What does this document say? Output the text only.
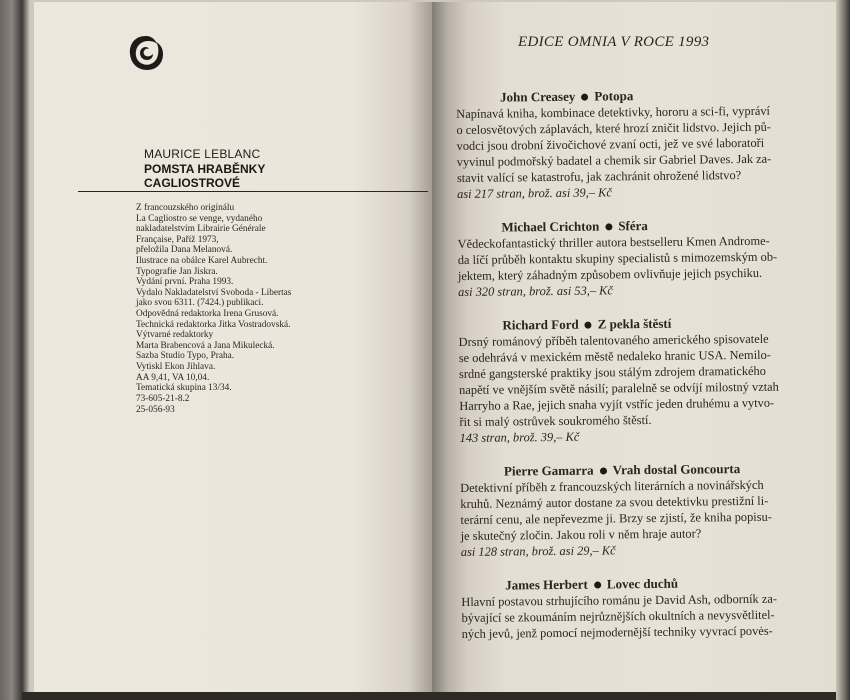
MAURICE LEBLANC
POMSTA HRABĚNKY
CAGLIOSTROVÉ
Z francouzského originálu
La Cagliostro se venge, vydaného
nakladatelstvím Librairie Générale
Française, Paříž 1973,
přeložila Dana Melanová.
Ilustrace na obálce Karel Aubrecht.
Typografie Jan Jiskra.
Vydání první. Praha 1993.
Vydalo Nakladatelství Svoboda - Libertas
jako svou 6311. (7424.) publikaci.
Odpovědná redaktorka Irena Grusová.
Technická redaktorka Jitka Vostradovská.
Výtvarné redaktorky
Marta Brabencová a Jana Mikulecká.
Sazba Studio Typo, Praha.
Vytiskl Ekon Jihlava.
AA 9,41, VA 10,04.
Tematická skupina 13/34.
73-605-21-8.2
25-056-93
EDICE OMNIA V ROCE 1993
John Creasey Potopa
Napínavá kniha, kombinace detektivky, hororu a sci-fi, vypráví
o celosvětových záplavách, které hrozí zničit lidstvo. Jejich pů-
vodci jsou drobní živočichové zvaní octi, jež ve své laboratoři
vyvinul podmořský badatel a chemik sir Gabriel Daves. Jak za-
stavit valící se katastrofu, jak zachránit ohrožené lidstvo?
asi 217 stran, brož. asi 39,– Kč
Michael Crichton Sféra
Vědeckofantastický thriller autora bestselleru Kmen Androme-
da líčí průběh kontaktu skupiny specialistů s mimozemským ob-
jektem, který záhadným způsobem ovlivňuje jejich psychiku.
asi 320 stran, brož. asi 53,– Kč
Richard Ford Z pekla štěstí
Drsný románový příběh talentovaného amerického spisovatele
se odehrává v mexickém městě nedaleko hranic USA. Nemilo-
srdné gangsterské praktiky jsou stálým zdrojem dramatického
napětí ve vnějším světě násilí; paralelně se odvíjí milostný vztah
Harryho a Rae, jejich snaha vyjít vstříc jeden druhému a vytvo-
řit si malý ostrůvek soukromého štěstí.
143 stran, brož. 39,– Kč
Pierre Gamarra Vrah dostal Goncourta
Detektivní příběh z francouzských literárních a novinářských
kruhů. Neznámý autor dostane za svou detektivku prestižní li-
terární cenu, ale nepřevezme ji. Brzy se zjistí, že kniha popisu-
je skutečný zločin. Jakou roli v něm hraje autor?
asi 128 stran, brož. asi 29,– Kč
James Herbert Lovec duchů
Hlavní postavou strhujícího románu je David Ash, odborník za-
bývající se zkoumáním nejrůznějších okultních a nevysvětlitel-
ných jevů, jenž pomocí nejmodernější techniky vyvrací povės-
